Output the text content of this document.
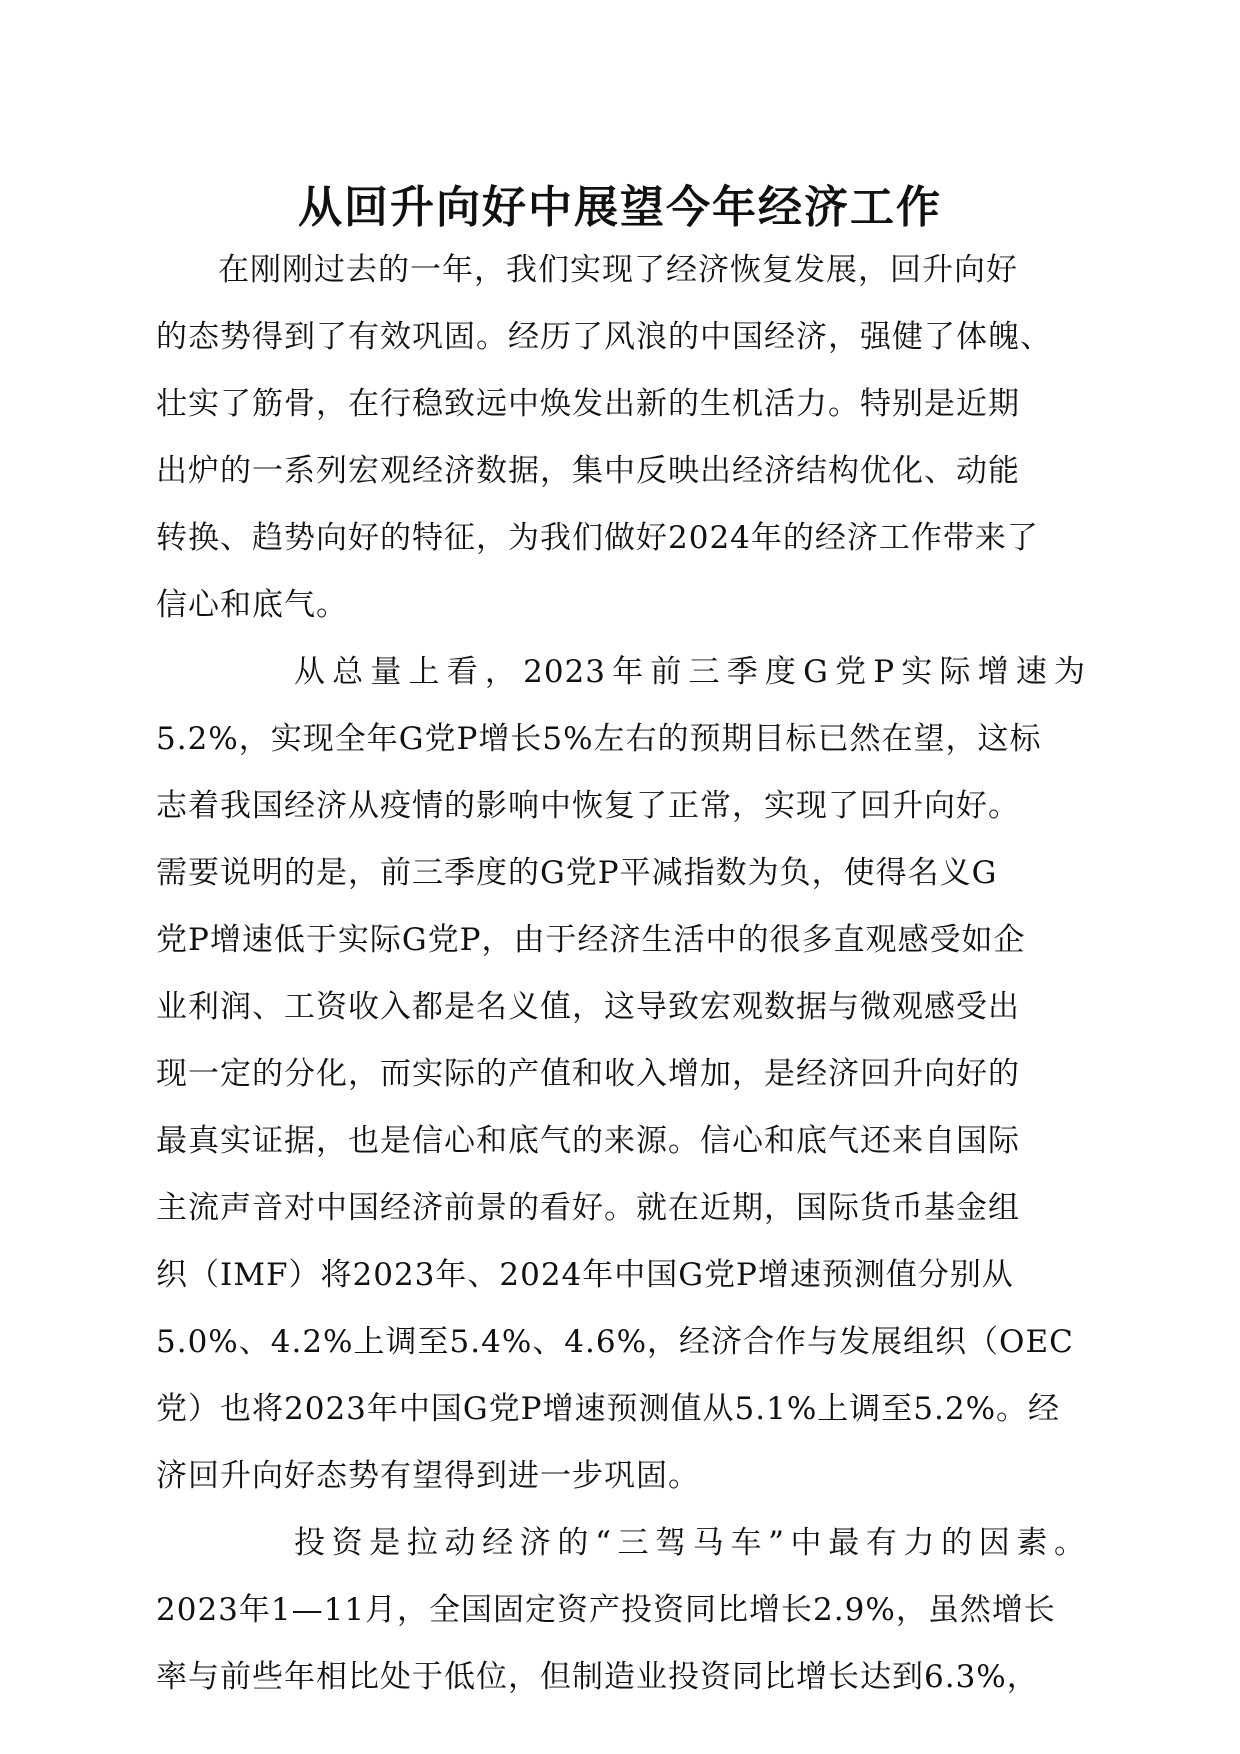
从回升向好中展望今年经济工作
在刚刚过去的一年，我们实现了经济恢复发展，回升向好
的态势得到了有效巩固。经历了风浪的中国经济，强健了体魄、
壮实了筋骨，在行稳致远中焕发出新的生机活力。特别是近期
出炉的一系列宏观经济数据，集中反映出经济结构优化、动能
转换、趋势向好的特征，为我们做好2024年的经济工作带来了
信心和底气。
从总量上看，2023年前三季度G党P实际增速为
5.2%，实现全年G党P增长5%左右的预期目标已然在望，这标
志着我国经济从疫情的影响中恢复了正常，实现了回升向好。
需要说明的是，前三季度的G党P平减指数为负，使得名义G
党P增速低于实际G党P，由于经济生活中的很多直观感受如企
业利润、工资收入都是名义值，这导致宏观数据与微观感受出
现一定的分化，而实际的产值和收入增加，是经济回升向好的
最真实证据，也是信心和底气的来源。信心和底气还来自国际
主流声音对中国经济前景的看好。就在近期，国际货币基金组
织（IMF）将2023年、2024年中国G党P增速预测值分别从
5.0%、4.2%上调至5.4%、4.6%，经济合作与发展组织（OEC
党）也将2023年中国G党P增速预测值从5.1%上调至5.2%。经
济回升向好态势有望得到进一步巩固。
投资是拉动经济的“三驾马车”中最有力的因素。
2023年1—11月，全国固定资产投资同比增长2.9%，虽然增长
率与前些年相比处于低位，但制造业投资同比增长达到6.3%，
